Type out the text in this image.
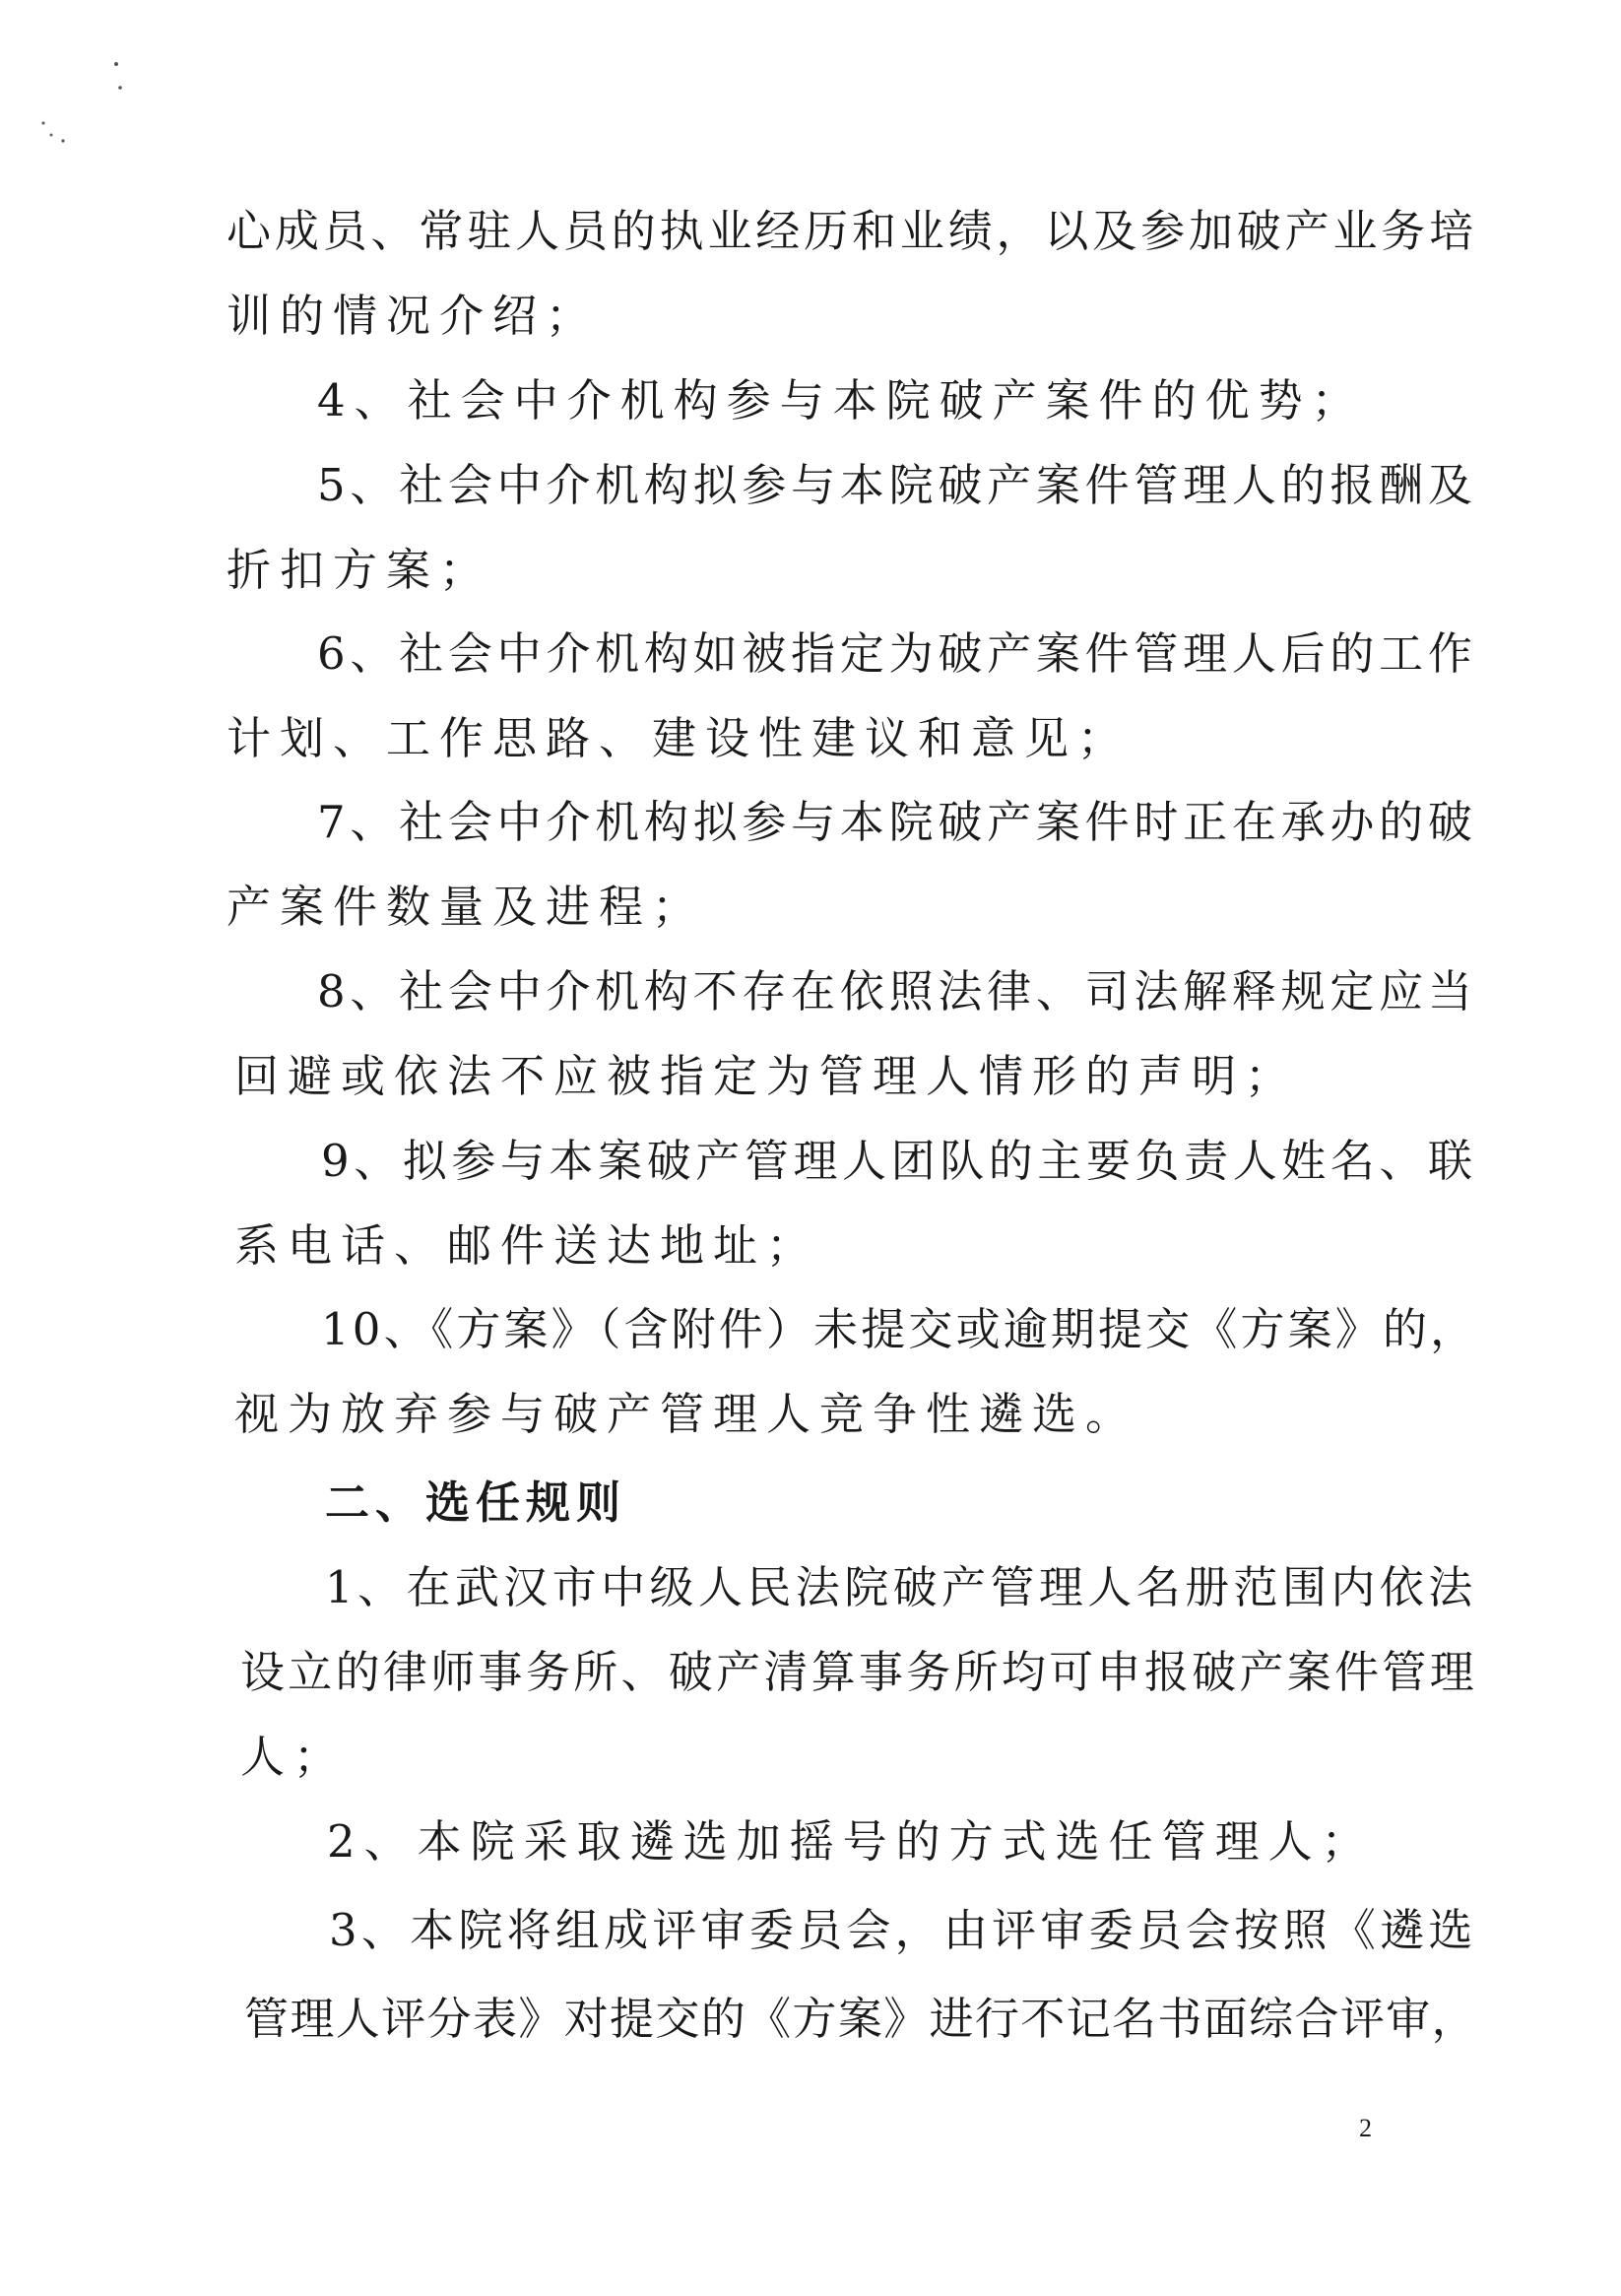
心成员、常驻人员的执业经历和业绩，以及参加破产业务培
训的情况介绍；
4、社会中介机构参与本院破产案件的优势；
5、社会中介机构拟参与本院破产案件管理人的报酬及
折扣方案；
6、社会中介机构如被指定为破产案件管理人后的工作
计划、工作思路、建设性建议和意见；
7、社会中介机构拟参与本院破产案件时正在承办的破
产案件数量及进程；
8、社会中介机构不存在依照法律、司法解释规定应当
回避或依法不应被指定为管理人情形的声明；
9、拟参与本案破产管理人团队的主要负责人姓名、联
系电话、邮件送达地址；
10、《方案》（含附件）未提交或逾期提交《方案》的，
视为放弃参与破产管理人竞争性遴选。
二、选任规则
1、在武汉市中级人民法院破产管理人名册范围内依法
设立的律师事务所、破产清算事务所均可申报破产案件管理
人；
2、本院采取遴选加摇号的方式选任管理人；
3、本院将组成评审委员会，由评审委员会按照《遴选
管理人评分表》对提交的《方案》进行不记名书面综合评审，
2
